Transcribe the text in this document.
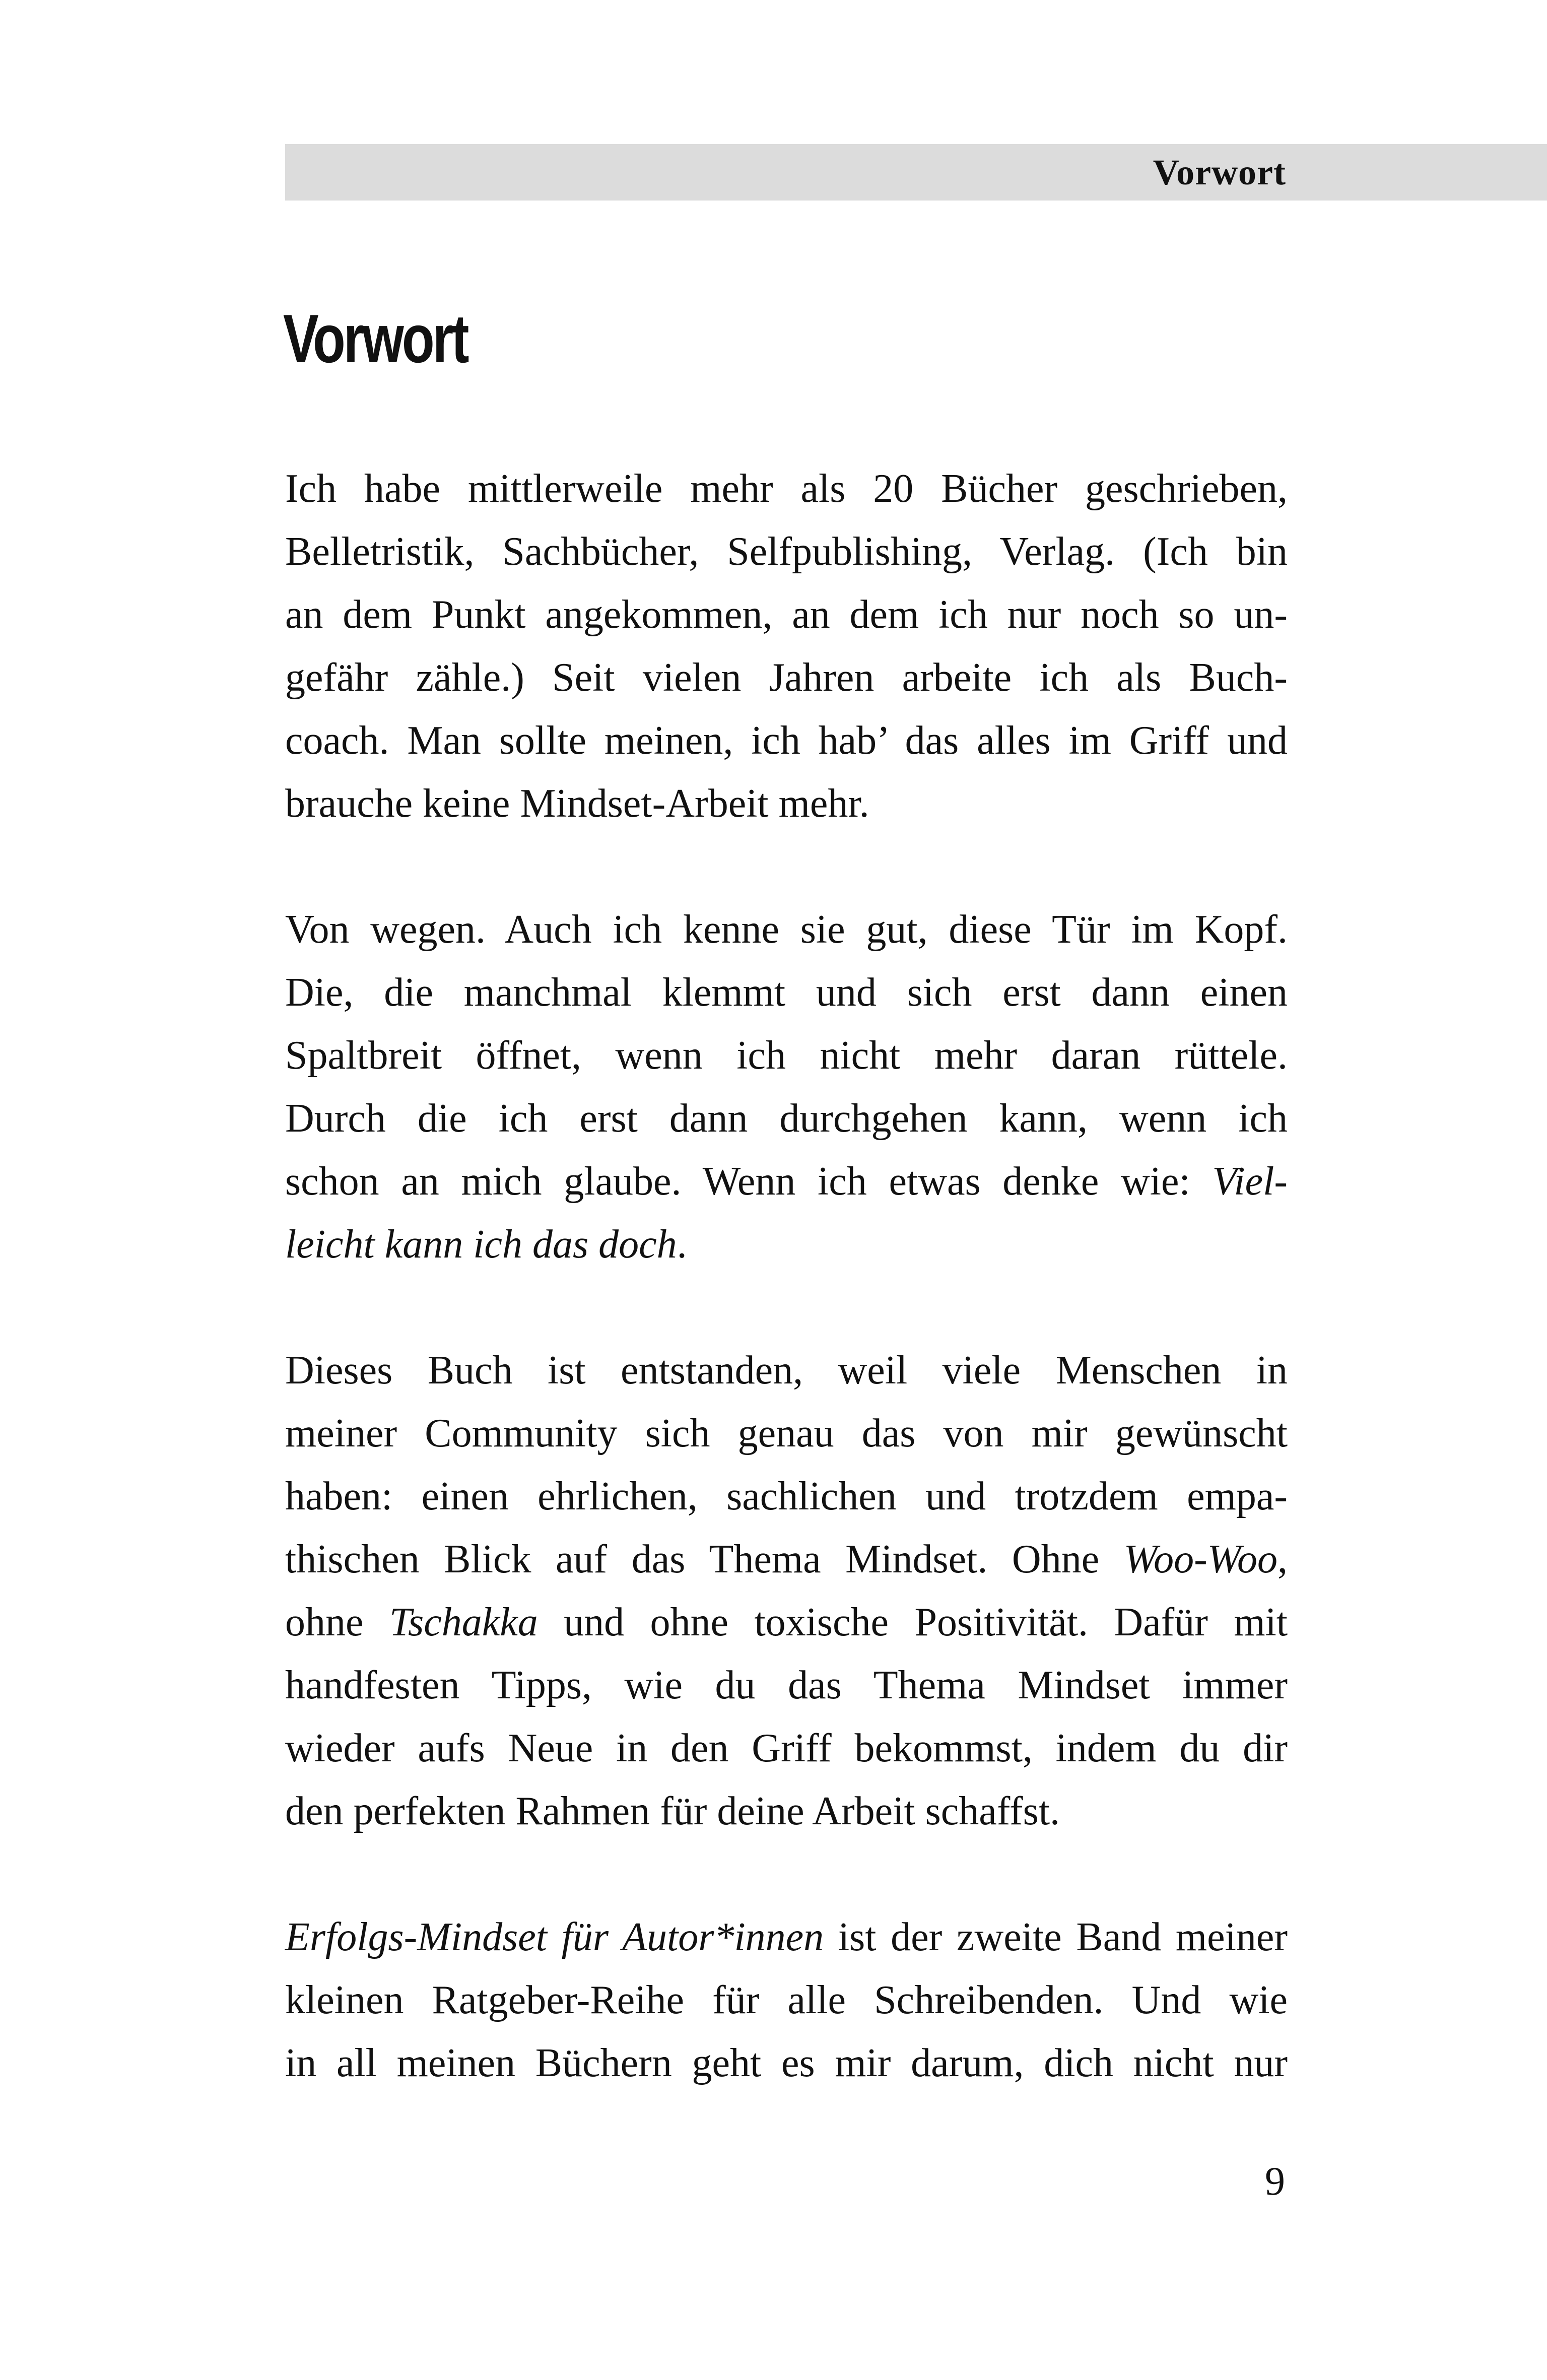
Vorwort
Vorwort

Ich habe mittlerweile mehr als 20 Bücher geschrieben,
Belletristik, Sachbücher, Selfpublishing, Verlag. (Ich bin
an dem Punkt angekommen, an dem ich nur noch so un-
gefähr zähle.) Seit vielen Jahren arbeite ich als Buch-
coach. Man sollte meinen, ich hab’ das alles im Griff und
brauche keine Mindset-Arbeit mehr.

Von wegen. Auch ich kenne sie gut, diese Tür im Kopf.
Die, die manchmal klemmt und sich erst dann einen
Spaltbreit öffnet, wenn ich nicht mehr daran rüttele.
Durch die ich erst dann durchgehen kann, wenn ich
schon an mich glaube. Wenn ich etwas denke wie: Viel-
leicht kann ich das doch.

Dieses Buch ist entstanden, weil viele Menschen in
meiner Community sich genau das von mir gewünscht
haben: einen ehrlichen, sachlichen und trotzdem empa-
thischen Blick auf das Thema Mindset. Ohne Woo-Woo,
ohne Tschakka und ohne toxische Positivität. Dafür mit
handfesten Tipps, wie du das Thema Mindset immer
wieder aufs Neue in den Griff bekommst, indem du dir
den perfekten Rahmen für deine Arbeit schaffst.

Erfolgs-Mindset für Autor*innen ist der zweite Band meiner
kleinen Ratgeber-Reihe für alle Schreibenden. Und wie
in all meinen Büchern geht es mir darum, dich nicht nur

9
